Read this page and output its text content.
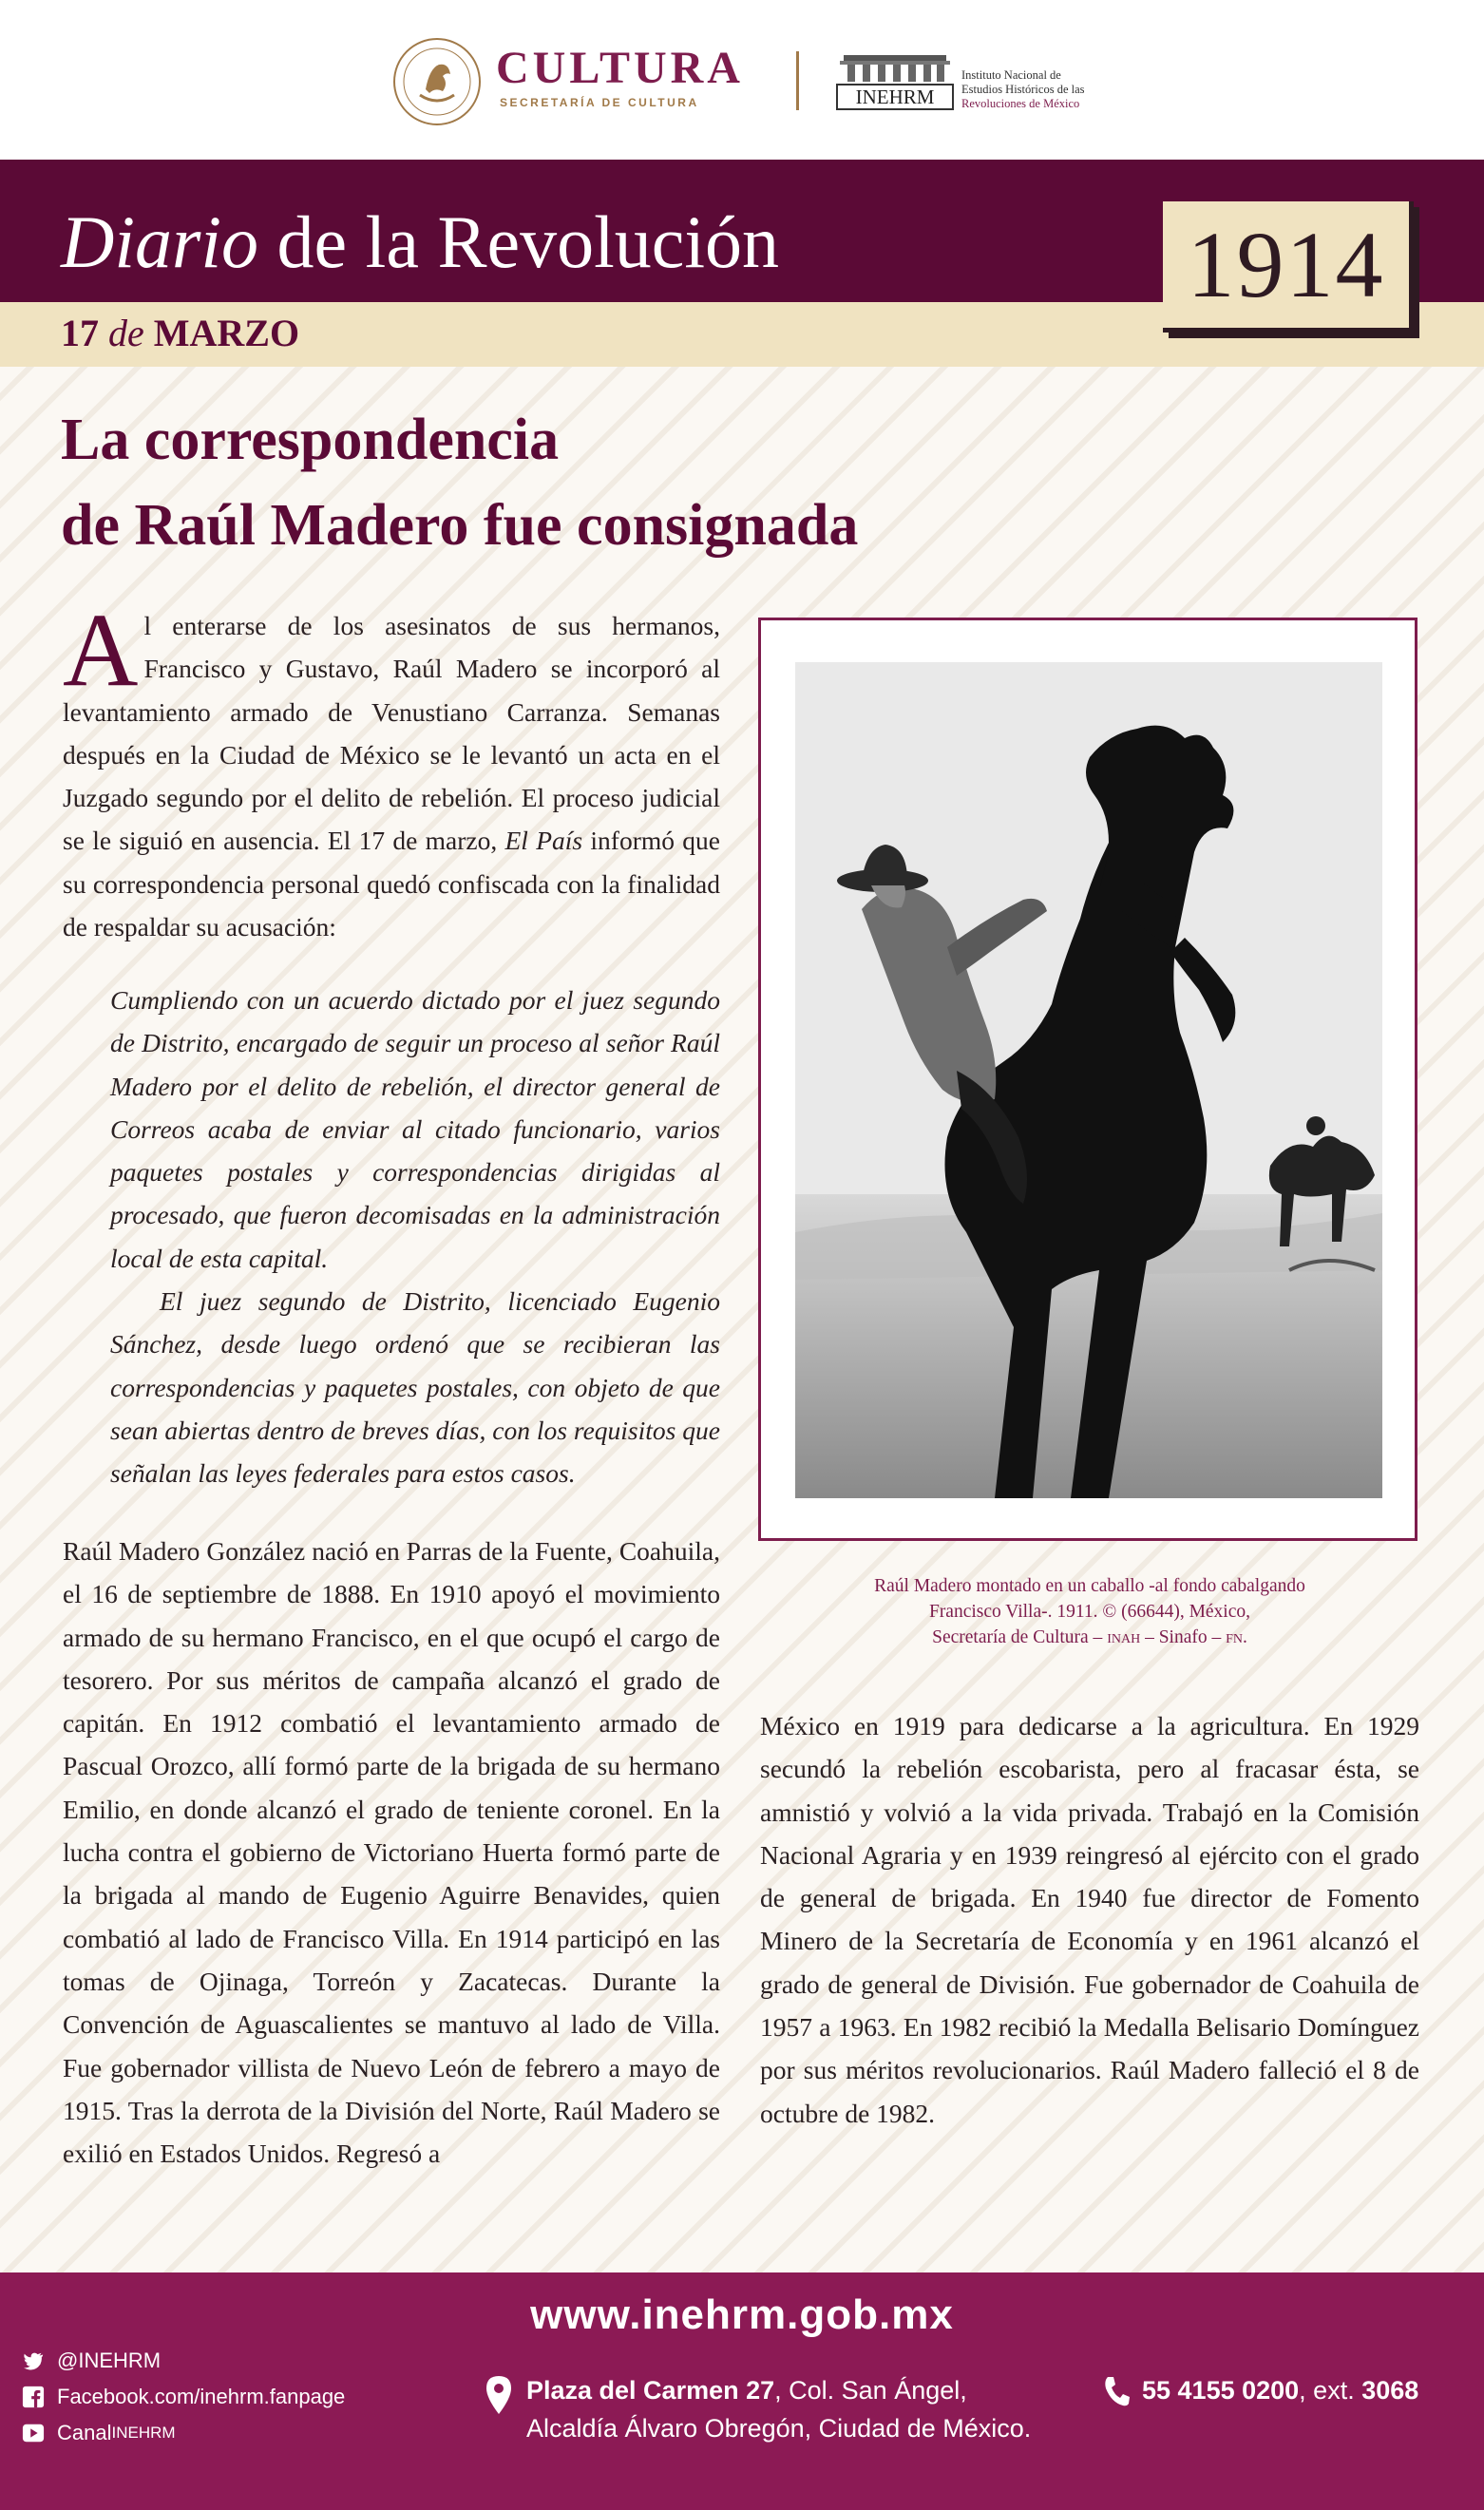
CULTURA
SECRETARÍA DE CULTURA	INEHRM
Instituto Nacional de
Estudios Históricos de las
Revoluciones de México
Diario de la Revolución
17 de MARZO
1914
La correspondencia
de Raúl Madero fue consignada
Al enterarse de los asesinatos de sus hermanos, Francisco y Gustavo, Raúl Madero se incorporó al levantamiento armado de Venustiano Carranza. Semanas después en la Ciudad de México se le levantó un acta en el Juzgado segundo por el delito de rebelión. El proceso judicial se le siguió en ausencia. El 17 de marzo, El País informó que su correspondencia personal quedó confiscada con la finalidad de respaldar su acusación:

Cumpliendo con un acuerdo dictado por el juez segundo de Distrito, encargado de seguir un proceso al señor Raúl Madero por el delito de rebelión, el director general de Correos acaba de enviar al citado funcionario, varios paquetes postales y correspondencias dirigidas al procesado, que fueron decomisadas en la administración local de esta capital.

El juez segundo de Distrito, licenciado Eugenio Sánchez, desde luego ordenó que se recibieran las correspondencias y paquetes postales, con objeto de que sean abiertas dentro de breves días, con los requisitos que señalan las leyes federales para estos casos.

Raúl Madero González nació en Parras de la Fuente, Coahuila, el 16 de septiembre de 1888. En 1910 apoyó el movimiento armado de su hermano Francisco, en el que ocupó el cargo de tesorero. Por sus méritos de campaña alcanzó el grado de capitán. En 1912 combatió el levantamiento armado de Pascual Orozco, allí formó parte de la brigada de su hermano Emilio, en donde alcanzó el grado de teniente coronel. En la lucha contra el gobierno de Victoriano Huerta formó parte de la brigada al mando de Eugenio Aguirre Benavides, quien combatió al lado de Francisco Villa. En 1914 participó en las tomas de Ojinaga, Torreón y Zacatecas. Durante la Convención de Aguascalientes se mantuvo al lado de Villa. Fue gobernador villista de Nuevo León de febrero a mayo de 1915. Tras la derrota de la División del Norte, Raúl Madero se exilió en Estados Unidos. Regresó a
México en 1919 para dedicarse a la agricultura. En 1929 secundó la rebelión escobarista, pero al fracasar ésta, se amnistió y volvió a la vida privada. Trabajó en la Comisión Nacional Agraria y en 1939 reingresó al ejército con el grado de general de brigada. En 1940 fue director de Fomento Minero de la Secretaría de Economía y en 1961 alcanzó el grado de general de División. Fue gobernador de Coahuila de 1957 a 1963. En 1982 recibió la Medalla Belisario Domínguez por sus méritos revolucionarios. Raúl Madero falleció el 8 de octubre de 1982.
Raúl Madero montado en un caballo -al fondo cabalgando
Francisco Villa-. 1911. © (66644), México,
Secretaría de Cultura – inah – Sinafo – fn.
www.inehrm.gob.mx
@INEHRM
Facebook.com/inehrm.fanpage
Canal INEHRM
Plaza del Carmen 27, Col. San Ángel,
Alcaldía Álvaro Obregón, Ciudad de México.
55 4155 0200, ext. 3068
